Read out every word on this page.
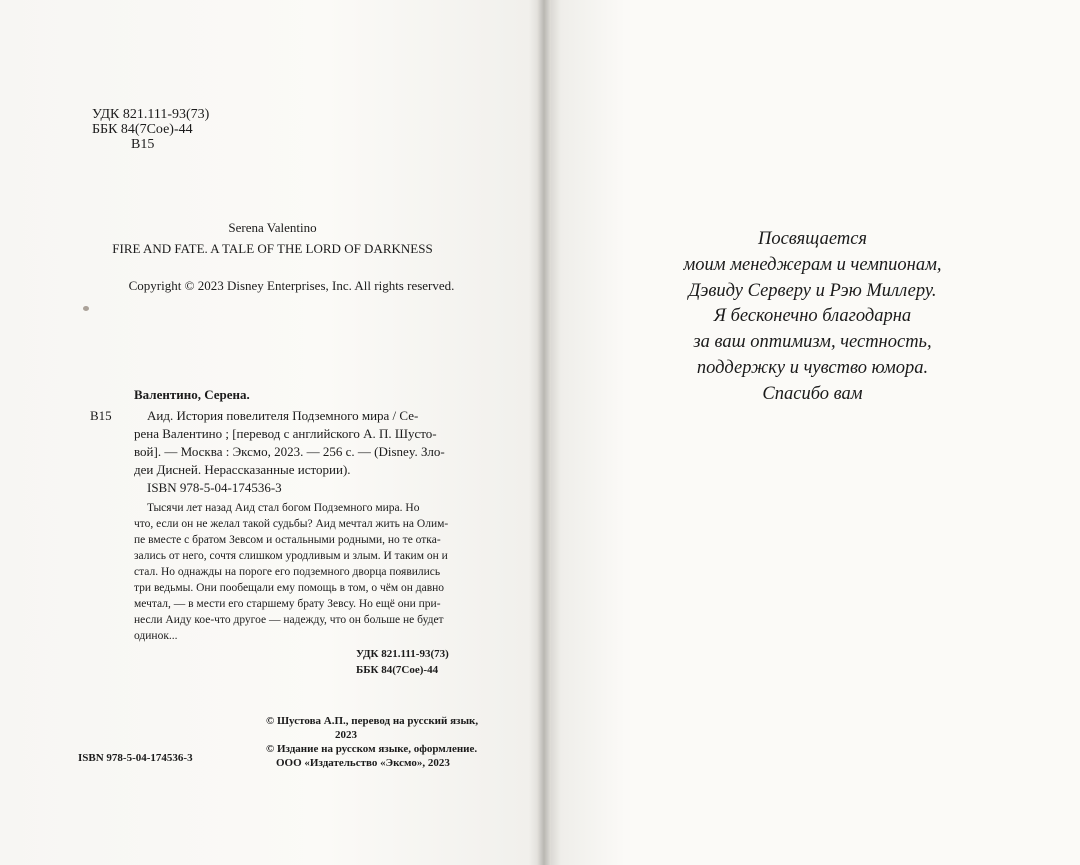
УДК 821.111-93(73)
ББК 84(7Сое)-44
В15
Serena Valentino
FIRE AND FATE. A TALE OF THE LORD OF DARKNESS
Copyright © 2023 Disney Enterprises, Inc. All rights reserved.
Валентино, Серена.
В15	Аид. История повелителя Подземного мира / Се-
рена Валентино ; [перевод с английского А. П. Шусто-
вой]. — Москва : Эксмо, 2023. — 256 с. — (Disney. Зло-
деи Дисней. Нерассказанные истории).
ISBN 978-5-04-174536-3
Тысячи лет назад Аид стал богом Подземного мира. Но
что, если он не желал такой судьбы? Аид мечтал жить на Олим-
пе вместе с братом Зевсом и остальными родными, но те отка-
зались от него, сочтя слишком уродливым и злым. И таким он и
стал. Но однажды на пороге его подземного дворца появились
три ведьмы. Они пообещали ему помощь в том, о чём он давно
мечтал, — в мести его старшему брату Зевсу. Но ещё они при-
несли Аиду кое-что другое — надежду, что он больше не будет
одинок...
УДК 821.111-93(73)
ББК 84(7Сое)-44
ISBN 978-5-04-174536-3
© Шустова А.П., перевод на русский язык,
2023
© Издание на русском языке, оформление.
ООО «Издательство «Эксмо», 2023
Посвящается
моим менеджерам и чемпионам,
Дэвиду Серверу и Рэю Миллеру.
Я бесконечно благодарна
за ваш оптимизм, честность,
поддержку и чувство юмора.
Спасибо вам
